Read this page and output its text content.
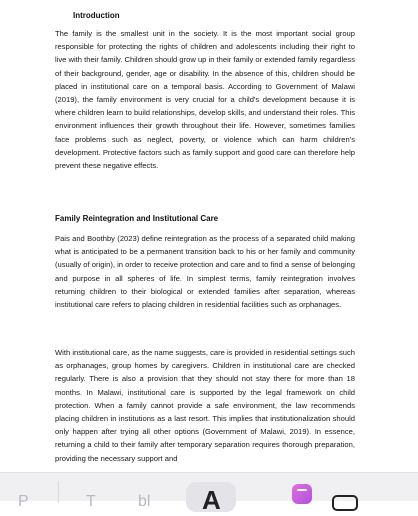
Introduction

The family is the smallest unit in the society. It is the most important social group responsible for protecting the rights of children and adolescents including their right to live with their family. Children should grow up in their family or extended family regardless of their background, gender, age or disability. In the absence of this, children should be placed in institutional care on a temporal basis. According to Government of Malawi (2019), the family environment is very crucial for a child's development because it is where children learn to build relationships, develop skills, and understand their roles. This environment influences their growth throughout their life. However, sometimes families face problems such as neglect, poverty, or violence which can harm children's development. Protective factors such as family support and good care can therefore help prevent these negative effects.

Family Reintegration and Institutional Care

Pais and Boothby (2023) define reintegration as the process of a separated child making what is anticipated to be a permanent transition back to his or her family and community (usually of origin), in order to receive protection and care and to find a sense of belonging and purpose in all spheres of life. In simplest terms, family reintegration involves returning children to their biological or extended families after separation, whereas institutional care refers to placing children in residential facilities such as orphanages.

With institutional care, as the name suggests, care is provided in residential settings such as orphanages, group homes by caregivers. Children in institutional care are checked regularly. There is also a provision that they should not stay there for more than 18 months. In Malawi, institutional care is supported by the legal framework on child protection. When a family cannot provide a safe environment, the law recommends placing children in institutions as a last resort. This implies that institutionalization should only happen after trying all other options (Government of Malawi, 2019). In essence, returning a child to their family after temporary separation requires thorough preparation, providing the necessary support and

P	T	bl A
